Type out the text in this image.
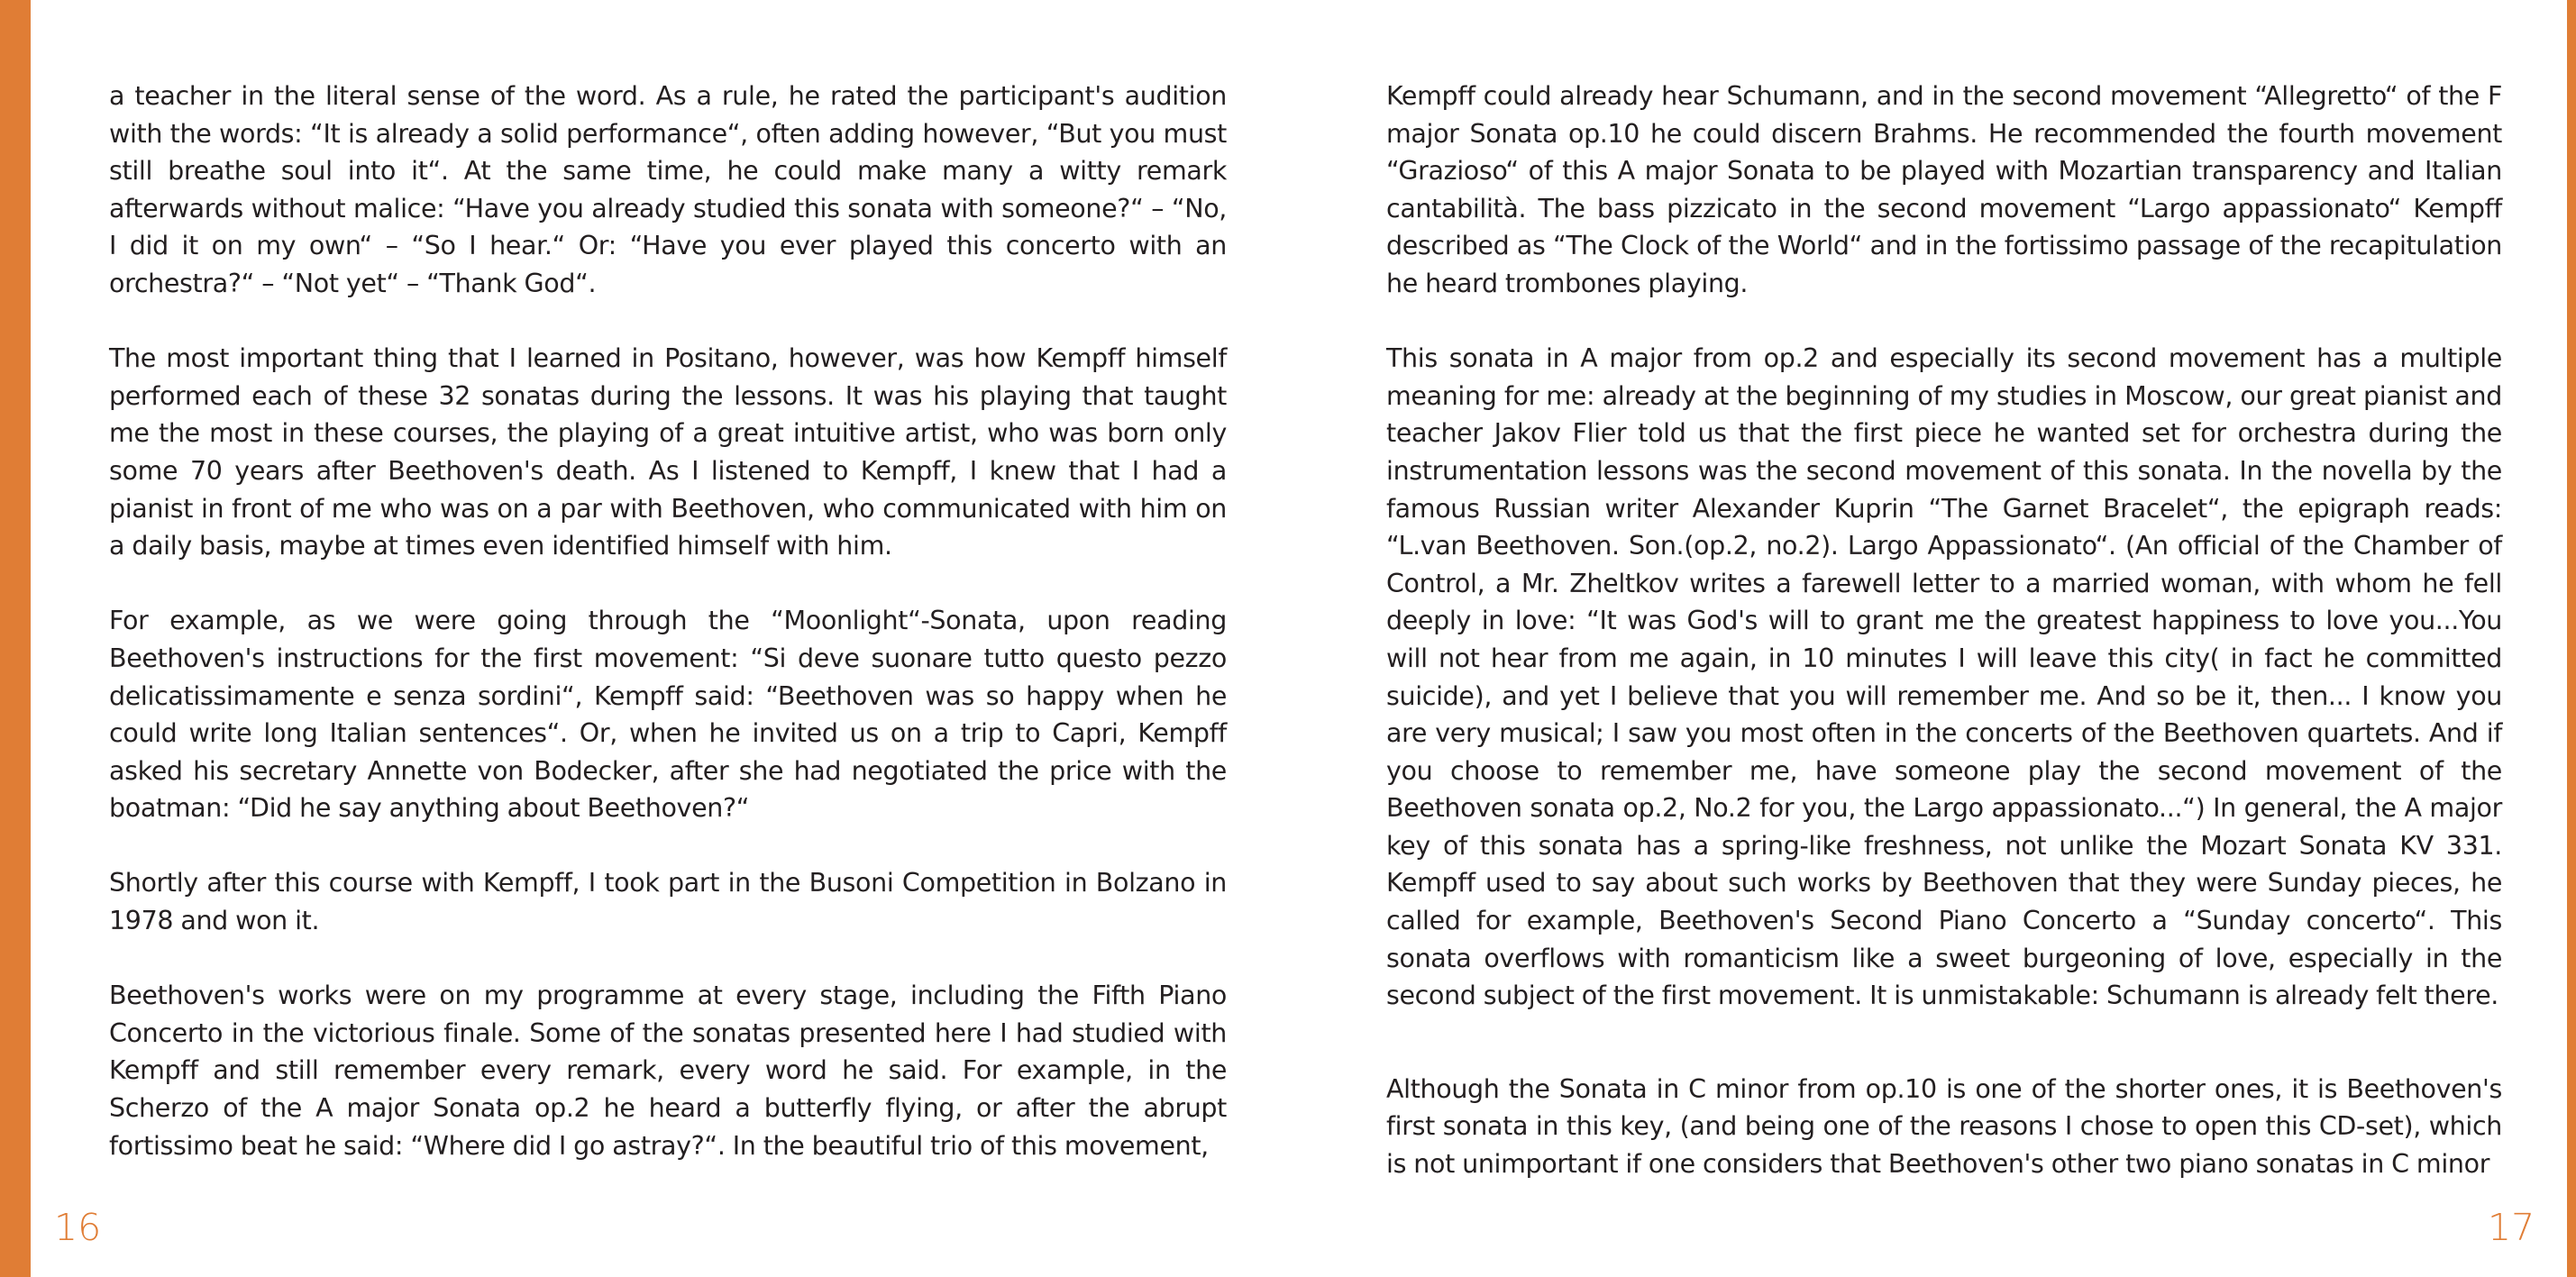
a teacher in the literal sense of the word. As a rule, he rated the participant's audition with the words: “It is already a solid performance“, often adding however, “But you must still breathe soul into it“. At the same time, he could make many a witty remark afterwards without malice: “Have you already studied this sonata with someone?“ – “No, I did it on my own“ – “So I hear.“ Or: “Have you ever played this concerto with an orchestra?“ – “Not yet“ – “Thank God“.

The most important thing that I learned in Positano, however, was how Kempff himself performed each of these 32 sonatas during the lessons. It was his playing that taught me the most in these courses, the playing of a great intuitive artist, who was born only some 70 years after Beethoven's death. As I listened to Kempff, I knew that I had a pianist in front of me who was on a par with Beethoven, who communicated with him on a daily basis, maybe at times even identified himself with him.

For example, as we were going through the “Moonlight“-Sonata, upon reading Beethoven's instructions for the first movement: “Si deve suonare tutto questo pezzo delicatissimamente e senza sordini“, Kempff said: “Beethoven was so happy when he could write long Italian sentences“. Or, when he invited us on a trip to Capri, Kempff asked his secretary Annette von Bodecker, after she had negotiated the price with the boatman: “Did he say anything about Beethoven?“

Shortly after this course with Kempff, I took part in the Busoni Competition in Bolzano in 1978 and won it.

Beethoven's works were on my programme at every stage, including the Fifth Piano Concerto in the victorious finale. Some of the sonatas presented here I had studied with Kempff and still remember every remark, every word he said. For example, in the Scherzo of the A major Sonata op.2 he heard a butterfly flying, or after the abrupt fortissimo beat he said: “Where did I go astray?“. In the beautiful trio of this movement,

Kempff could already hear Schumann, and in the second movement “Allegretto“ of the F major Sonata op.10 he could discern Brahms. He recommended the fourth movement “Grazioso“ of this A major Sonata to be played with Mozartian transparency and Italian cantabilità. The bass pizzicato in the second movement “Largo appassionato“ Kempff described as “The Clock of the World“ and in the fortissimo passage of the recapitulation he heard trombones playing.

This sonata in A major from op.2 and especially its second movement has a multiple meaning for me: already at the beginning of my studies in Moscow, our great pianist and teacher Jakov Flier told us that the first piece he wanted set for orchestra during the instrumentation lessons was the second movement of this sonata. In the novella by the famous Russian writer Alexander Kuprin “The Garnet Bracelet“, the epigraph reads: “L.van Beethoven. Son.(op.2, no.2). Largo Appassionato“. (An official of the Chamber of Control, a Mr. Zheltkov writes a farewell letter to a married woman, with whom he fell deeply in love: “It was God's will to grant me the greatest happiness to love you...You will not hear from me again, in 10 minutes I will leave this city( in fact he committed suicide), and yet I believe that you will remember me. And so be it, then... I know you are very musical; I saw you most often in the concerts of the Beethoven quartets. And if you choose to remember me, have someone play the second movement of the Beethoven sonata op.2, No.2 for you, the Largo appassionato...“) In general, the A major key of this sonata has a spring-like freshness, not unlike the Mozart Sonata KV 331. Kempff used to say about such works by Beethoven that they were Sunday pieces, he called for example, Beethoven's Second Piano Concerto a “Sunday concerto“. This sonata overflows with romanticism like a sweet burgeoning of love, especially in the second subject of the first movement. It is unmistakable: Schumann is already felt there.

Although the Sonata in C minor from op.10 is one of the shorter ones, it is Beethoven's first sonata in this key, (and being one of the reasons I chose to open this CD-set), which is not unimportant if one considers that Beethoven's other two piano sonatas in C minor

16	17
